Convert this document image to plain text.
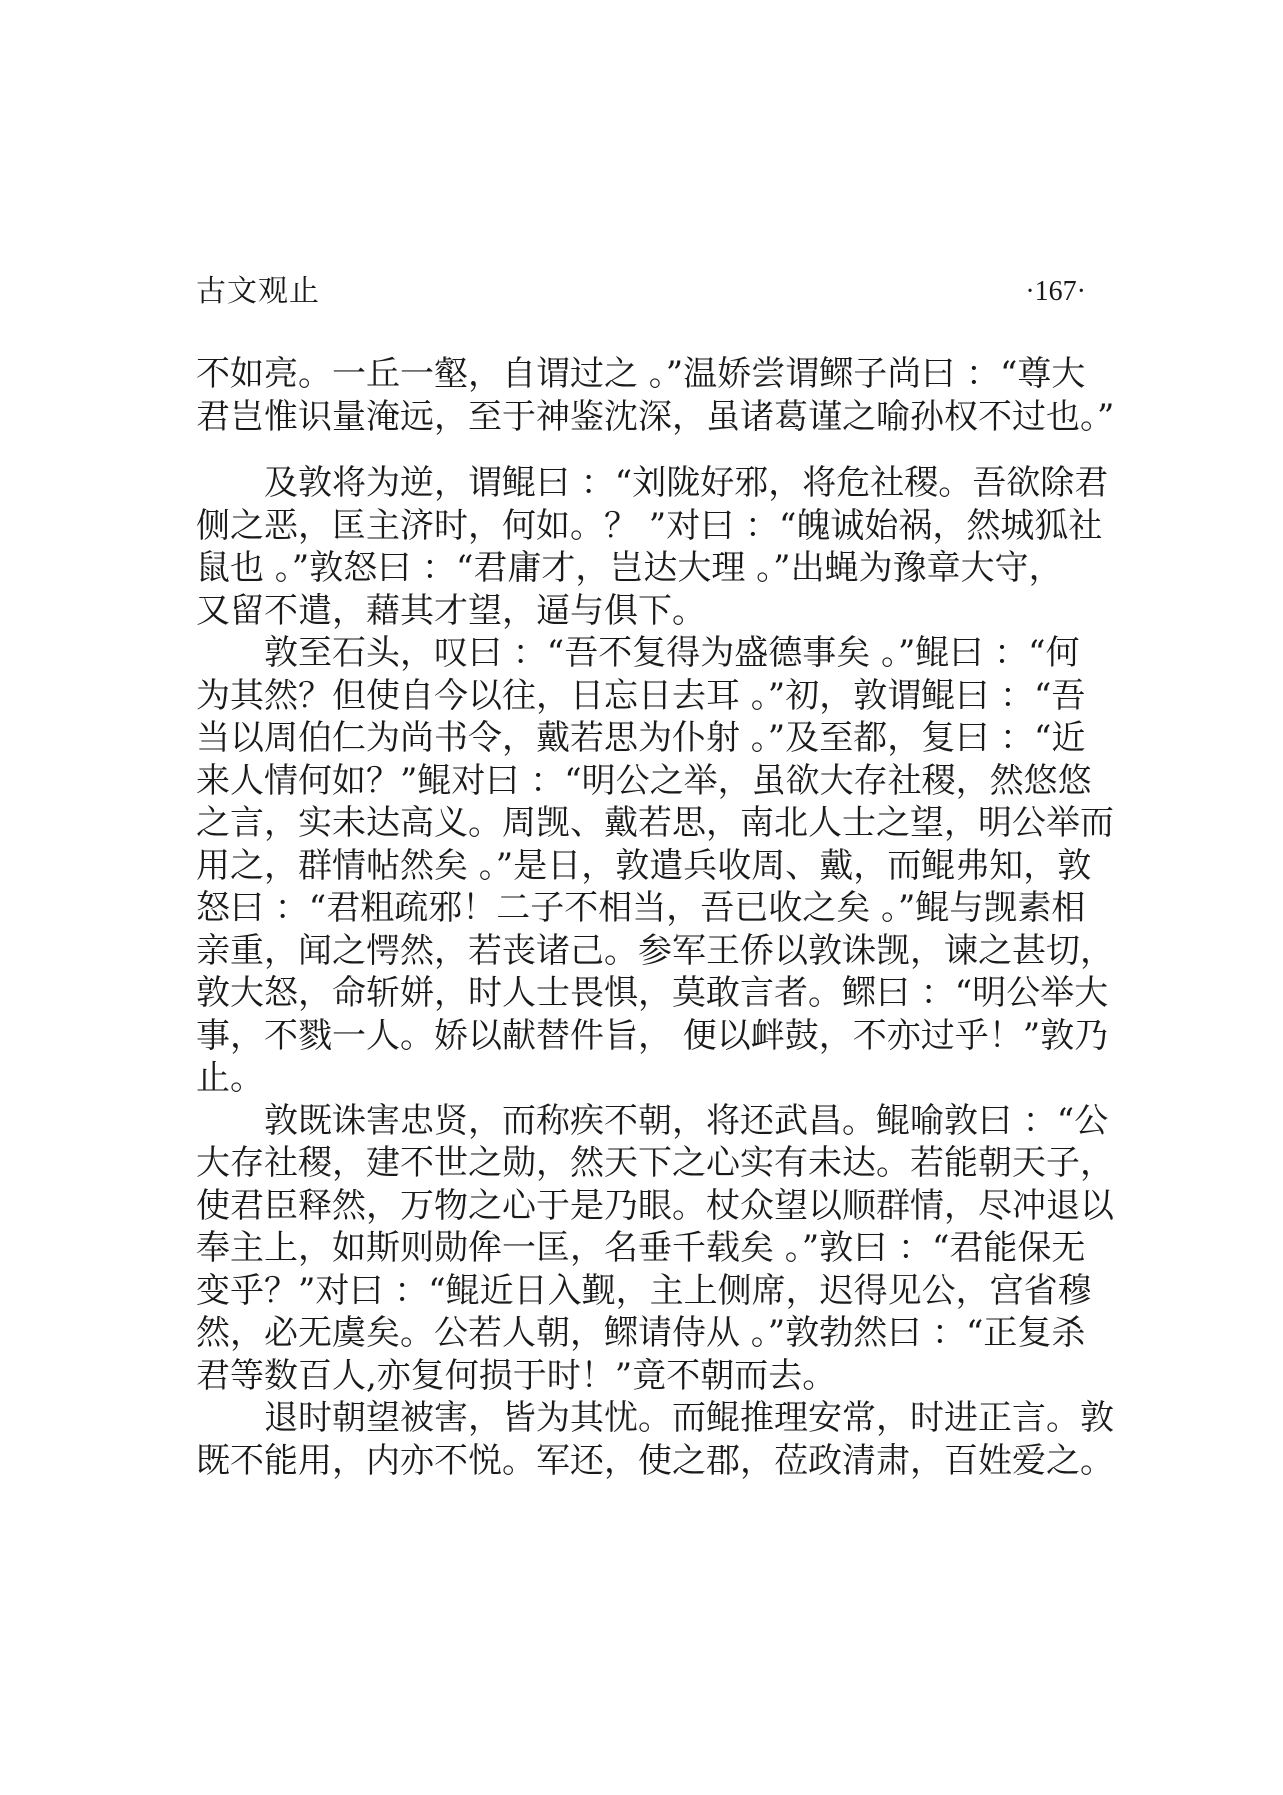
古文观止	·167·

不如亮。一丘一壑，自谓过之 。”温娇尝谓鳏子尚曰 ：“尊大
君岂惟识量淹远，至于神鉴沈深，虽诸葛谨之喻孙权不过也。”

及敦将为逆，谓鲲曰 ：“刘陇好邪，将危社稷。吾欲除君
侧之恶，匡主济时，何如。？ ”对曰 ：“魄诚始祸，然城狐社
鼠也 。”敦怒曰 ：“君庸才，岂达大理 。”出蝇为豫章大守，
又留不遣，藉其才望，逼与俱下。

敦至石头，叹曰 ：“吾不复得为盛德事矣 。”鲲曰 ：“何
为其然？但使自今以往，日忘日去耳 。”初，敦谓鲲曰 ：“吾
当以周伯仁为尚书令，戴若思为仆射 。”及至都，复曰 ：“近
来人情何如？”鲲对曰 ：“明公之举，虽欲大存社稷，然悠悠
之言，实未达高义。周觊、戴若思，南北人士之望，明公举而
用之，群情帖然矣 。”是日，敦遣兵收周、戴，而鲲弗知，敦
怒曰 ：“君粗疏邪！二子不相当，吾已收之矣 。”鲲与觊素相
亲重，闻之愕然，若丧诸己。参军王侨以敦诛觊，谏之甚切，
敦大怒，命斩姘，时人士畏惧，莫敢言者。鳏曰 ：“明公举大
事，不戮一人。娇以献替件旨， 便以衅鼓，不亦过乎！”敦乃
止。

敦既诛害忠贤，而称疾不朝，将还武昌。鲲喻敦曰 ：“公
大存社稷，建不世之勋，然天下之心实有未达。若能朝天子，
使君臣释然，万物之心于是乃眼。杖众望以顺群情，尽冲退以
奉主上，如斯则勋侔一匡，名垂千载矣 。”敦曰 ：“君能保无
变乎？”对曰 ：“鲲近日入觐，主上侧席，迟得见公，宫省穆
然，必无虞矣。公若人朝，鳏请侍从 。”敦勃然曰 ：“正复杀
君等数百人,亦复何损于时！”竟不朝而去。

退时朝望被害，皆为其忧。而鲲推理安常，时进正言。敦
既不能用，内亦不悦。军还，使之郡，莅政清肃，百姓爱之。
